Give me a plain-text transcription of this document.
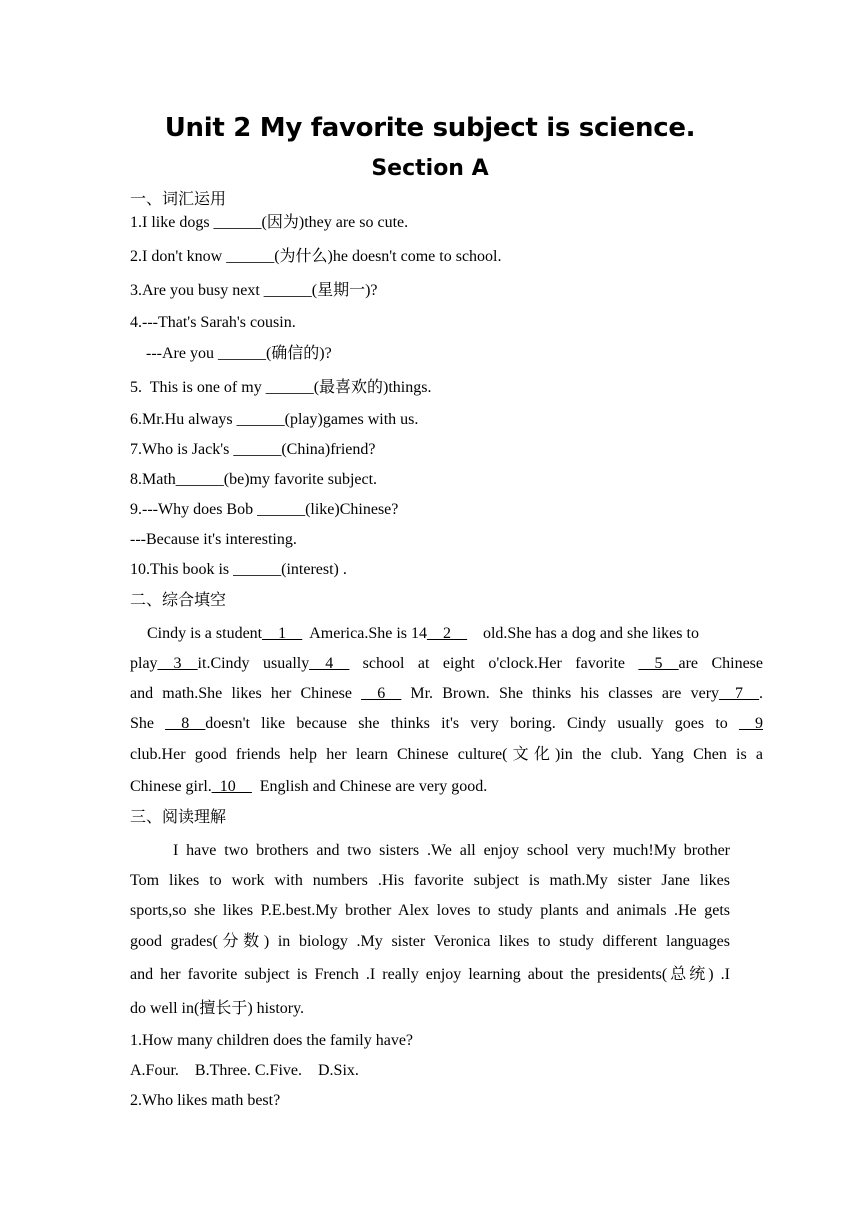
Unit 2 My favorite subject is science.
Section A
一、词汇运用
1.I like dogs ______(因为)they are so cute.
2.I don't know ______(为什么)he doesn't come to school.
3.Are you busy next ______(星期一)?
4.---That's Sarah's cousin.
---Are you ______(确信的)?
5.  This is one of my ______(最喜欢的)things.
6.Mr.Hu always ______(play)games with us.
7.Who is Jack's ______(China)friend?
8.Math______(be)my favorite subject.
9.---Why does Bob ______(like)Chinese?
---Because it's interesting.
10.This book is ______(interest) .
二、综合填空
Cindy is a student__1__ America.She is 14__2__ old.She has a dog and she likes to
play__3__it.Cindy usually__4__ school at eight o'clock.Her favorite __5__are Chinese
and math.She likes her Chinese __6__ Mr. Brown. She thinks his classes are very__7__.
She __8__doesn't like because she thinks it's very boring. Cindy usually goes to __9
club.Her good friends help her learn Chinese culture(文化)in the club. Yang Chen is a
Chinese girl._10__ English and Chinese are very good.
三、阅读理解
I have two brothers and two sisters .We all enjoy school very much!My brother
Tom likes to work with numbers .His favorite subject is math.My sister Jane likes
sports,so she likes P.E.best.My brother Alex loves to study plants and animals .He gets
good grades(分数) in biology .My sister Veronica likes to study different languages
and her favorite subject is French .I really enjoy learning about the presidents(总统) .I
do well in(擅长于) history.
1.How many children does the family have?
A.Four.    B.Three. C.Five.    D.Six.
2.Who likes math best?
